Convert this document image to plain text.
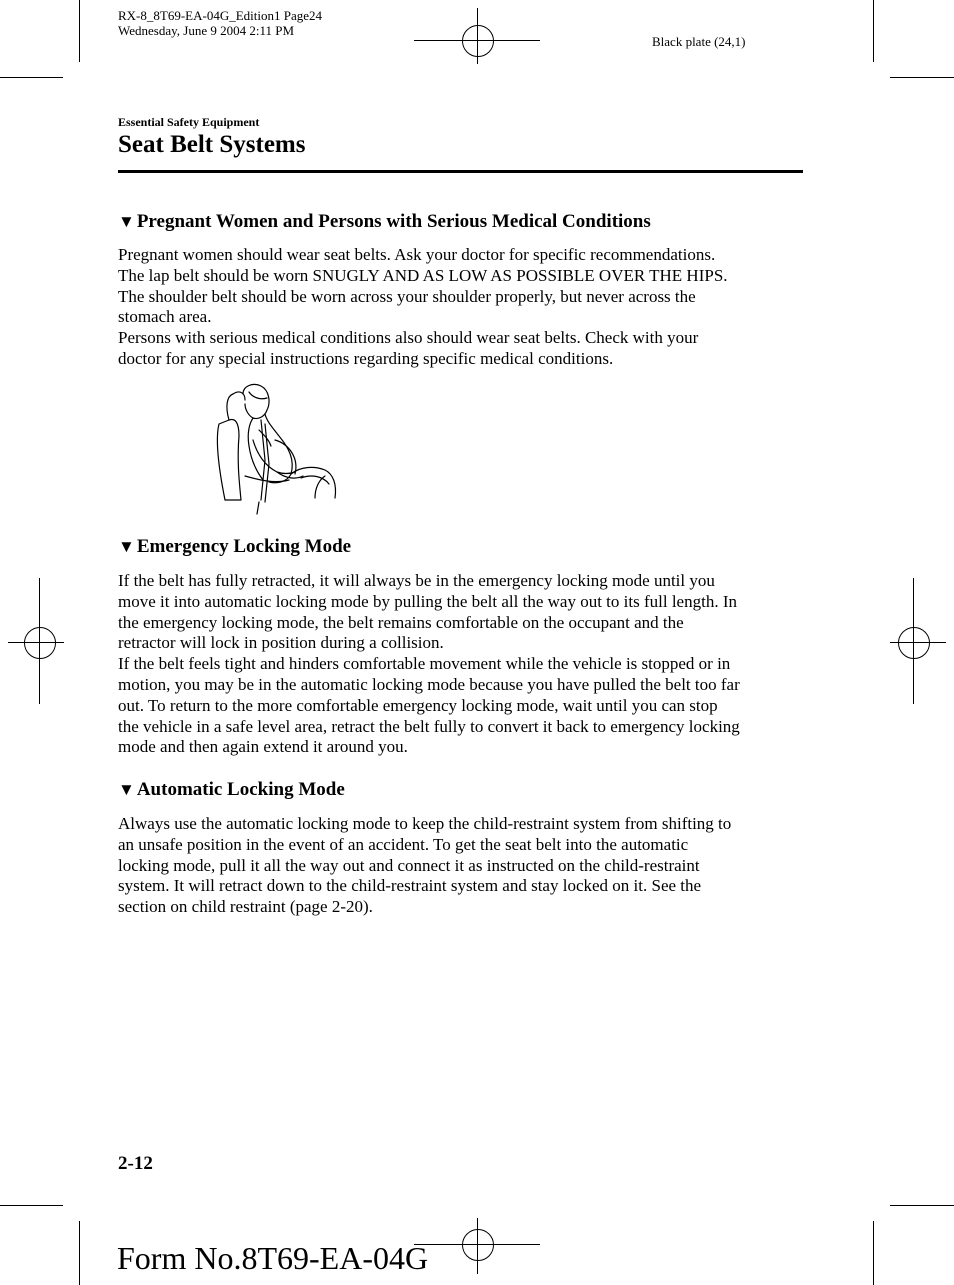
RX-8_8T69-EA-04G_Edition1 Page24
Wednesday, June 9 2004 2:11 PM
Black plate (24,1)
Essential Safety Equipment
Seat Belt Systems
▼ Pregnant Women and Persons with Serious Medical Conditions

Pregnant women should wear seat belts. Ask your doctor for specific recommendations.

The lap belt should be worn SNUGLY AND AS LOW AS POSSIBLE OVER THE HIPS.

The shoulder belt should be worn across your shoulder properly, but never across the

stomach area.

Persons with serious medical conditions also should wear seat belts. Check with your

doctor for any special instructions regarding specific medical conditions.

▼ Emergency Locking Mode

If the belt has fully retracted, it will always be in the emergency locking mode until you

move it into automatic locking mode by pulling the belt all the way out to its full length. In

the emergency locking mode, the belt remains comfortable on the occupant and the

retractor will lock in position during a collision.

If the belt feels tight and hinders comfortable movement while the vehicle is stopped or in

motion, you may be in the automatic locking mode because you have pulled the belt too far

out. To return to the more comfortable emergency locking mode, wait until you can stop

the vehicle in a safe level area, retract the belt fully to convert it back to emergency locking

mode and then again extend it around you.

▼ Automatic Locking Mode

Always use the automatic locking mode to keep the child-restraint system from shifting to

an unsafe position in the event of an accident. To get the seat belt into the automatic

locking mode, pull it all the way out and connect it as instructed on the child-restraint

system. It will retract down to the child-restraint system and stay locked on it. See the

section on child restraint (page 2-20).

2-12
Form No.8T69-EA-04G
